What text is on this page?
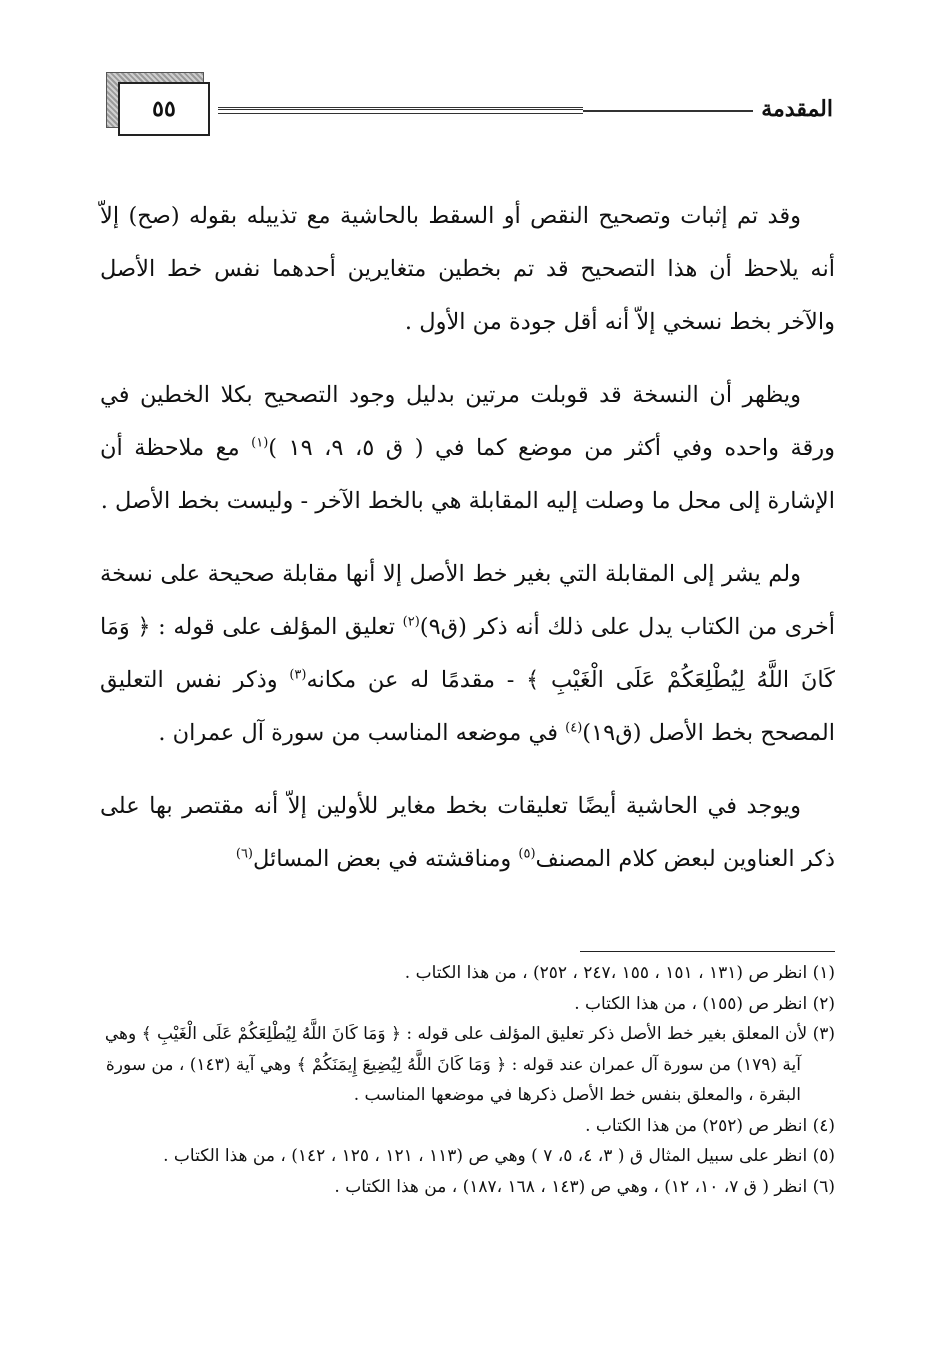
٥٥	المقدمة

وقد تم إثبات وتصحيح النقص أو السقط بالحاشية مع تذييله بقوله (صح) إلاّ أنه يلاحظ أن هذا التصحيح قد تم بخطين متغايرين أحدهما نفس خط الأصل والآخر بخط نسخي إلاّ أنه أقل جودة من الأول .

ويظهر أن النسخة قد قوبلت مرتين بدليل وجود التصحيح بكلا الخطين في ورقة واحده وفي أكثر من موضع كما في ( ق ٥، ٩، ١٩ )$^{(١)}$ مع ملاحظة أن الإشارة إلى محل ما وصلت إليه المقابلة هي بالخط الآخر - وليست بخط الأصل .

ولم يشر إلى المقابلة التي بغير خط الأصل إلا أنها مقابلة صحيحة على نسخة أخرى من الكتاب يدل على ذلك أنه ذكر (ق٩)$^{(٢)}$ تعليق المؤلف على قوله : ﴿ وَمَا كَانَ اللَّهُ لِيُطْلِعَكُمْ عَلَى الْغَيْبِ ﴾ - مقدمًا له عن مكانه$^{(٣)}$ وذكر نفس التعليق المصحح بخط الأصل (ق١٩)$^{(٤)}$ في موضعه المناسب من سورة آل عمران .

ويوجد في الحاشية أيضًا تعليقات بخط مغاير للأولين إلاّ أنه مقتصر بها على ذكر العناوين لبعض كلام المصنف$^{(٥)}$ ومناقشته في بعض المسائل$^{(٦)}$

(١) انظر ص (١٣١ ، ١٥١ ، ١٥٥ ،٢٤٧ ، ٢٥٢) ، من هذا الكتاب .

(٢) انظر ص (١٥٥) ، من هذا الكتاب .

(٣) لأن المعلق بغير خط الأصل ذكر تعليق المؤلف على قوله : ﴿ وَمَا كَانَ اللَّهُ لِيُطْلِعَكُمْ عَلَى الْغَيْبِ ﴾ وهي آية (١٧٩) من سورة آل عمران عند قوله : ﴿ وَمَا كَانَ اللَّهُ لِيُضِيعَ إِيمَنَكُمْ ﴾ وهي آية (١٤٣) ، من سورة البقرة ، والمعلق بنفس خط الأصل ذكرها في موضعها المناسب .

(٤) انظر ص (٢٥٢) من هذا الكتاب .

(٥) انظر على سبيل المثال ق ( ٣، ٤، ٥، ٧ ) وهي ص (١١٣ ، ١٢١ ، ١٢٥ ، ١٤٢) ، من هذا الكتاب .

(٦) انظر ( ق ٧، ١٠، ١٢) ، وهي ص (١٤٣ ، ١٦٨ ،١٨٧) ، من هذا الكتاب .
